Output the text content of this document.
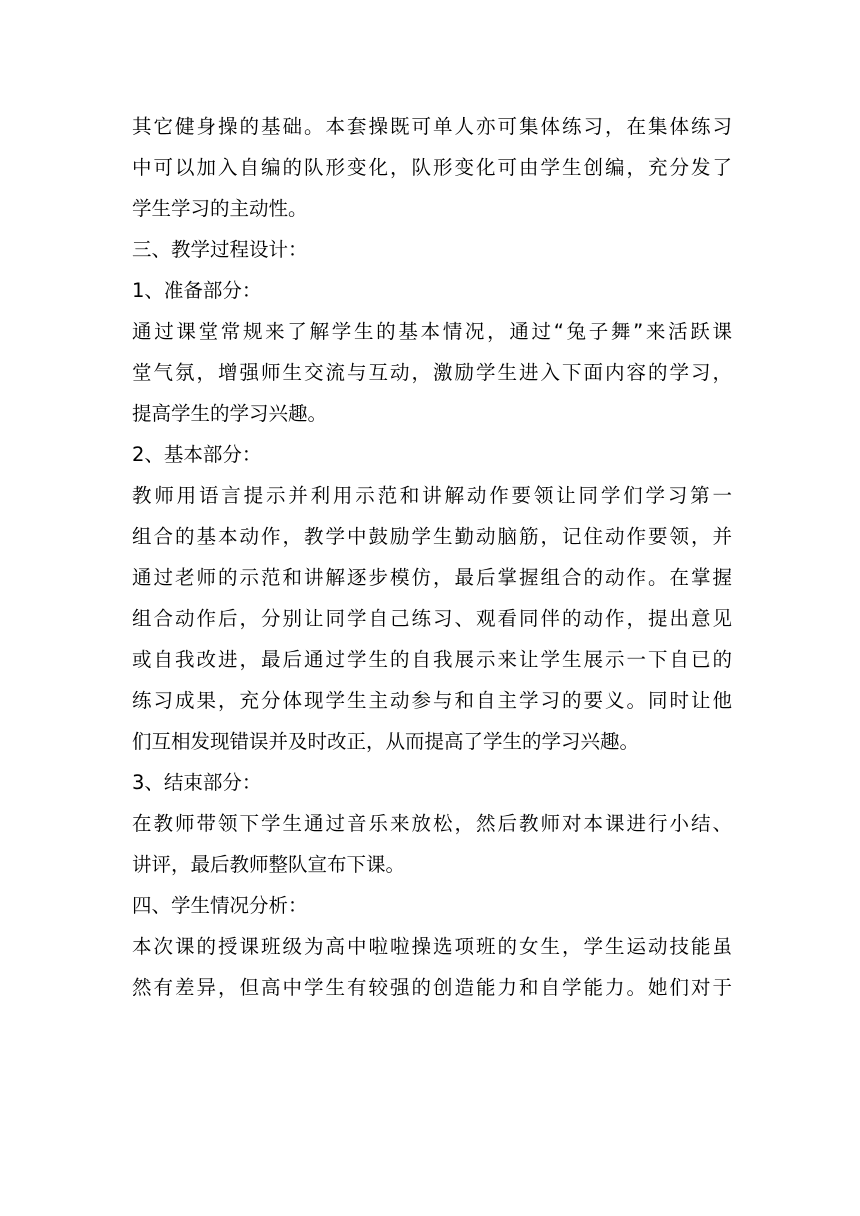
其它健身操的基础。本套操既可单人亦可集体练习，在集体练习
中可以加入自编的队形变化，队形变化可由学生创编，充分发了
学生学习的主动性。
三、教学过程设计：
1、准备部分：
通过课堂常规来了解学生的基本情况，通过“兔子舞”来活跃课
堂气氛，增强师生交流与互动，激励学生进入下面内容的学习，
提高学生的学习兴趣。
2、基本部分：
教师用语言提示并利用示范和讲解动作要领让同学们学习第一
组合的基本动作，教学中鼓励学生勤动脑筋，记住动作要领，并
通过老师的示范和讲解逐步模仿，最后掌握组合的动作。在掌握
组合动作后，分别让同学自己练习、观看同伴的动作，提出意见
或自我改进，最后通过学生的自我展示来让学生展示一下自已的
练习成果，充分体现学生主动参与和自主学习的要义。同时让他
们互相发现错误并及时改正，从而提高了学生的学习兴趣。
3、结束部分：
在教师带领下学生通过音乐来放松，然后教师对本课进行小结、
讲评，最后教师整队宣布下课。
四、学生情况分析：
本次课的授课班级为高中啦啦操选项班的女生，学生运动技能虽
然有差异，但高中学生有较强的创造能力和自学能力。她们对于
